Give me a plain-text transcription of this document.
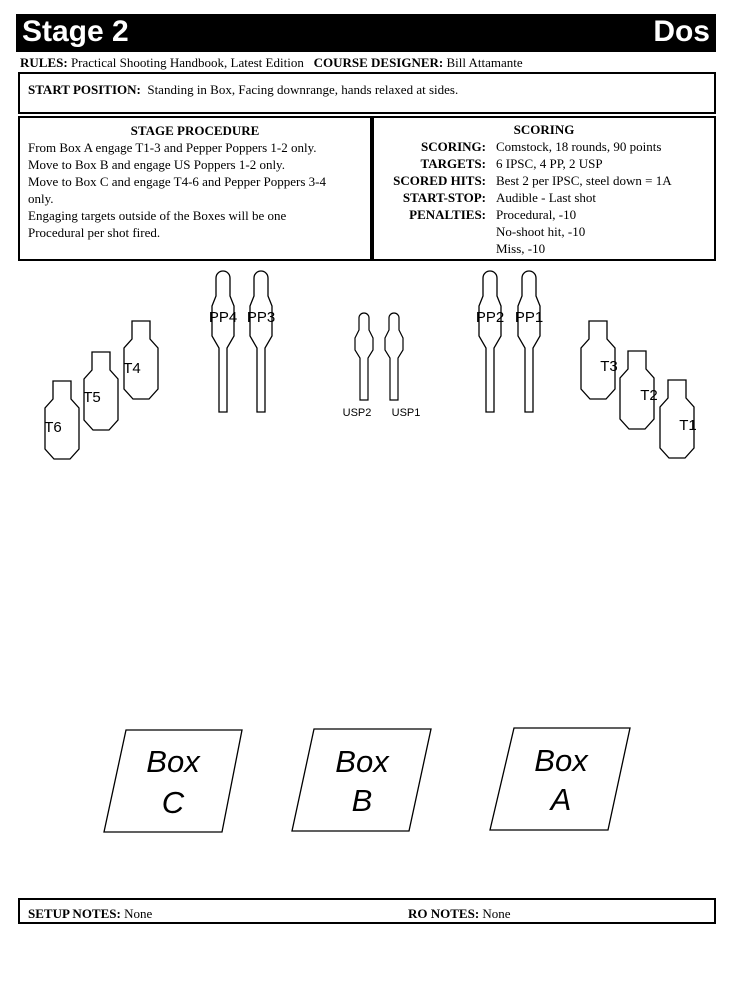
Stage 2	Dos
RULES: Practical Shooting Handbook, Latest Edition COURSE DESIGNER: Bill Attamante
START POSITION: Standing in Box, Facing downrange, hands relaxed at sides.
STAGE PROCEDURE
From Box A engage T1-3 and Pepper Poppers 1-2 only.
Move to Box B and engage US Poppers 1-2 only.
Move to Box C and engage T4-6 and Pepper Poppers 3-4
only.
Engaging targets outside of the Boxes will be one
Procedural per shot fired.
SCORING
SCORING: Comstock, 18 rounds, 90 points
TARGETS: 6 IPSC, 4 PP, 2 USP
SCORED HITS: Best 2 per IPSC, steel down = 1A
START-STOP: Audible - Last shot
PENALTIES: Procedural, -10
No-shoot hit, -10
Miss, -10
PP4 PP3	PP2 PP1
USP2 USP1
T4
T5
T6
T3
T2
T1
Box
C
Box
B
Box
A
SETUP NOTES: None	RO NOTES: None
